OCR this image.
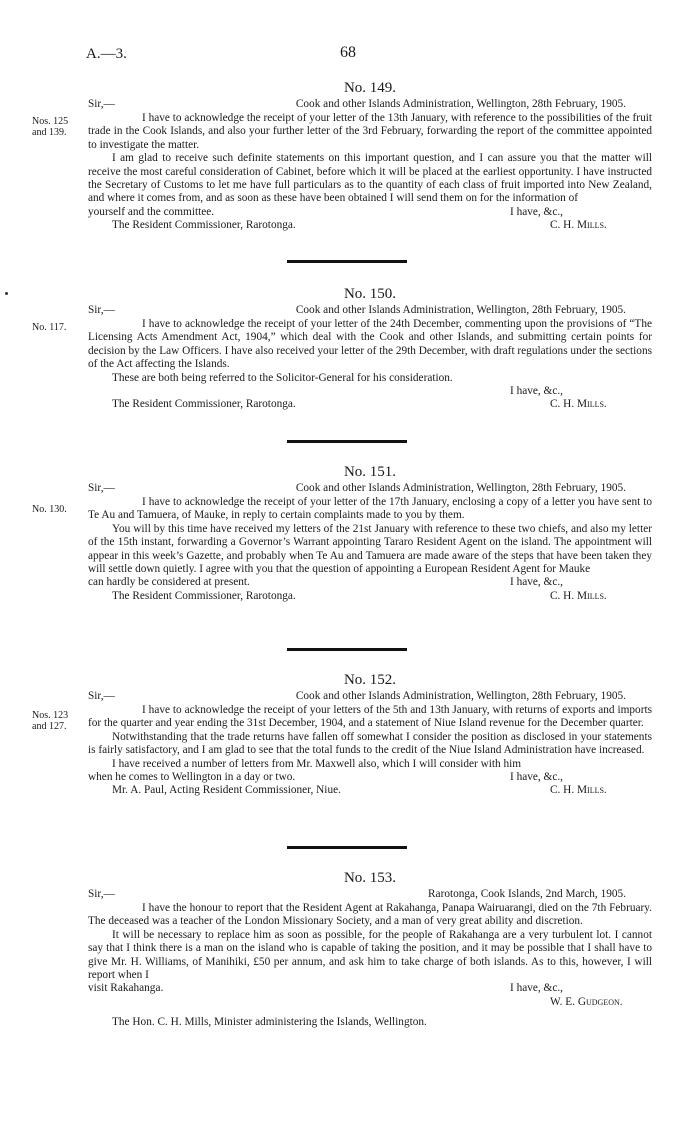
A.—3.	68
Nos. 125
and 139.
No. 149.
Sir,—	Cook and other Islands Administration, Wellington, 28th February, 1905.

I have to acknowledge the receipt of your letter of the 13th January, with reference to the possibilities of the fruit trade in the Cook Islands, and also your further letter of the 3rd February, forwarding the report of the committee appointed to investigate the matter.

I am glad to receive such definite statements on this important question, and I can assure you that the matter will receive the most careful consideration of Cabinet, before which it will be placed at the earliest opportunity. I have instructed the Secretary of Customs to let me have full particulars as to the quantity of each class of fruit imported into New Zealand, and where it comes from, and as soon as these have been obtained I will send them on for the information of

yourself and the committee.	I have, &c.,
The Resident Commissioner, Rarotonga.	C. H. Mills.
No. 117.
No. 150.
Sir,—	Cook and other Islands Administration, Wellington, 28th February, 1905.

I have to acknowledge the receipt of your letter of the 24th December, commenting upon the provisions of “The Licensing Acts Amendment Act, 1904,” which deal with the Cook and other Islands, and submitting certain points for decision by the Law Officers. I have also received your letter of the 29th December, with draft regulations under the sections of the Act affecting the Islands.

These are both being referred to the Solicitor-General for his consideration.

I have, &c.,
The Resident Commissioner, Rarotonga.	C. H. Mills.
No. 130.
No. 151.
Sir,—	Cook and other Islands Administration, Wellington, 28th February, 1905.

I have to acknowledge the receipt of your letter of the 17th January, enclosing a copy of a letter you have sent to Te Au and Tamuera, of Mauke, in reply to certain complaints made to you by them.

You will by this time have received my letters of the 21st January with reference to these two chiefs, and also my letter of the 15th instant, forwarding a Governor’s Warrant appointing Tararo Resident Agent on the island. The appointment will appear in this week’s Gazette, and probably when Te Au and Tamuera are made aware of the steps that have been taken they will settle down quietly. I agree with you that the question of appointing a European Resident Agent for Mauke

can hardly be considered at present.	I have, &c.,
The Resident Commissioner, Rarotonga.	C. H. Mills.
Nos. 123
and 127.
No. 152.
Sir,—	Cook and other Islands Administration, Wellington, 28th February, 1905.

I have to acknowledge the receipt of your letters of the 5th and 13th January, with returns of exports and imports for the quarter and year ending the 31st December, 1904, and a statement of Niue Island revenue for the December quarter.

Notwithstanding that the trade returns have fallen off somewhat I consider the position as disclosed in your statements is fairly satisfactory, and I am glad to see that the total funds to the credit of the Niue Island Administration have increased.

I have received a number of letters from Mr. Maxwell also, which I will consider with him

when he comes to Wellington in a day or two.	I have, &c.,
Mr. A. Paul, Acting Resident Commissioner, Niue.	C. H. Mills.
No. 153.
Sir,—	Rarotonga, Cook Islands, 2nd March, 1905.

I have the honour to report that the Resident Agent at Rakahanga, Panapa Wairuarangi, died on the 7th February. The deceased was a teacher of the London Missionary Society, and a man of very great ability and discretion.

It will be necessary to replace him as soon as possible, for the people of Rakahanga are a very turbulent lot. I cannot say that I think there is a man on the island who is capable of taking the position, and it may be possible that I shall have to give Mr. H. Williams, of Manihiki, £50 per annum, and ask him to take charge of both islands. As to this, however, I will report when I

visit Rakahanga.	I have, &c.,
W. E. Gudgeon.
The Hon. C. H. Mills, Minister administering the Islands, Wellington.
